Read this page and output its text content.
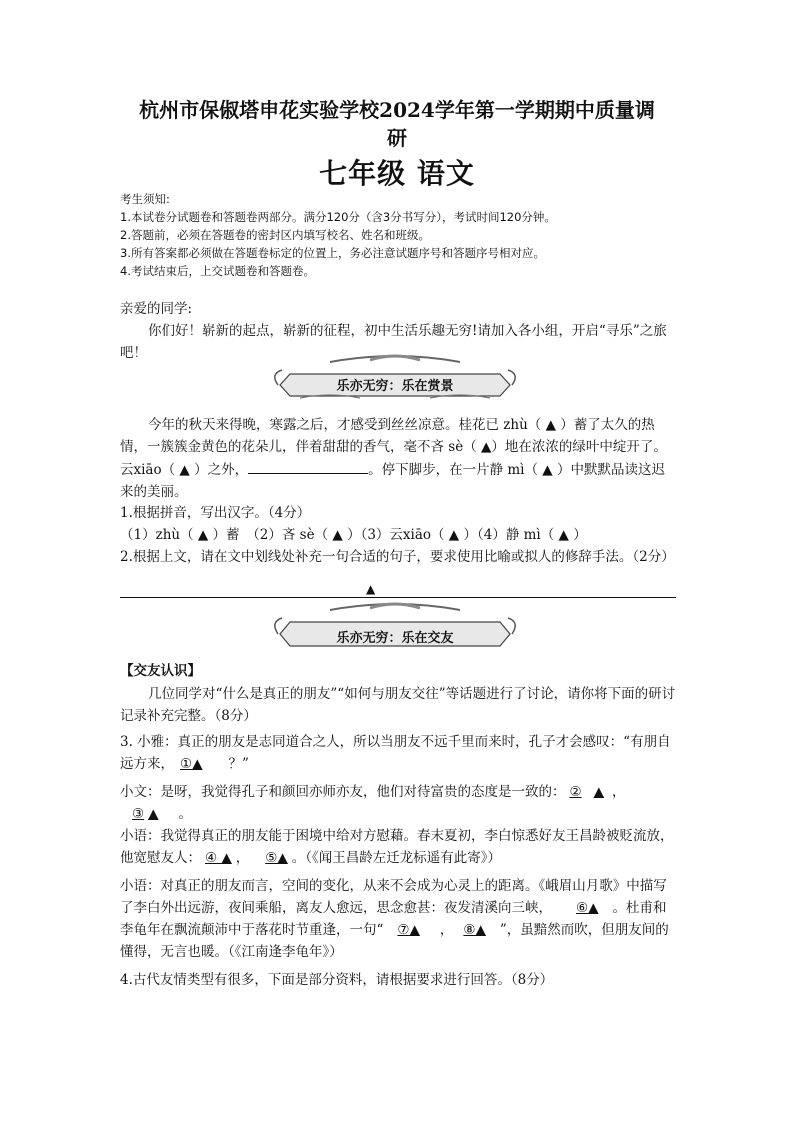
杭州市保俶塔申花实验学校2024学年第一学期期中质量调
研
七年级 语文
考生须知:
1.本试卷分试题卷和答题卷两部分。满分120分（含3分书写分），考试时间120分钟。
2.答题前，必须在答题卷的密封区内填写校名、姓名和班级。
3.所有答案都必须做在答题卷标定的位置上，务必注意试题序号和答题序号相对应。
4.考试结束后，上交试题卷和答题卷。
亲爱的同学:
你们好！崭新的起点，崭新的征程，初中生活乐趣无穷!请加入各小组，开启“寻乐”之旅吧！
乐亦无穷：乐在赏景
今年的秋天来得晚，寒露之后，才感受到丝丝凉意。桂花已 zhù（ ▲ ）蓄了太久的热情，一簇簇金黄色的花朵儿，伴着甜甜的香气，毫不吝 sè（ ▲）地在浓浓的绿叶中绽开了。云xiāo（ ▲ ）之外，	。停下脚步，在一片静 mì（ ▲ ）中默默品读这迟来的美丽。
1.根据拼音，写出汉字。（4分）
（1）zhù（ ▲ ）蓄　（2）吝 sè（ ▲ ）（3）云xiāo（ ▲ ）（4）静 mì（ ▲ ）
2.根据上文，请在文中划线处补充一句合适的句子，要求使用比喻或拟人的修辞手法。（2分）
▲
乐亦无穷：乐在交友
【交友认识】
几位同学对“什么是真正的朋友”“如何与朋友交往”等话题进行了讨论，请你将下面的研讨记录补充完整。（8分）
3. 小雅：真正的朋友是志同道合之人，所以当朋友不远千里而来时，孔子才会感叹：“有朋自远方来， ①▲ ？”
小文：是呀，我觉得孔子和颜回亦师亦友，他们对待富贵的态度是一致的： ② ▲ ，③ ▲ 。
小语：我觉得真正的朋友能于困境中给对方慰藉。春末夏初，李白惊悉好友王昌龄被贬流放，他宽慰友人： ④ ▲ ， ⑤▲ 。（《闻王昌龄左迁龙标遥有此寄》）
小语：对真正的朋友而言，空间的变化，从来不会成为心灵上的距离。《峨眉山月歌》中描写了李白外出远游，夜间乘船，离友人愈远，思念愈甚：夜发清溪向三峡， ⑥▲ 。杜甫和李龟年在飘流颠沛中于落花时节重逢，一句“ ⑦▲ ， ⑧▲ ”，虽黯然而吹，但朋友间的懂得，无言也暖。（《江南逢李龟年》）
4.古代友情类型有很多，下面是部分资料，请根据要求进行回答。（8分）
